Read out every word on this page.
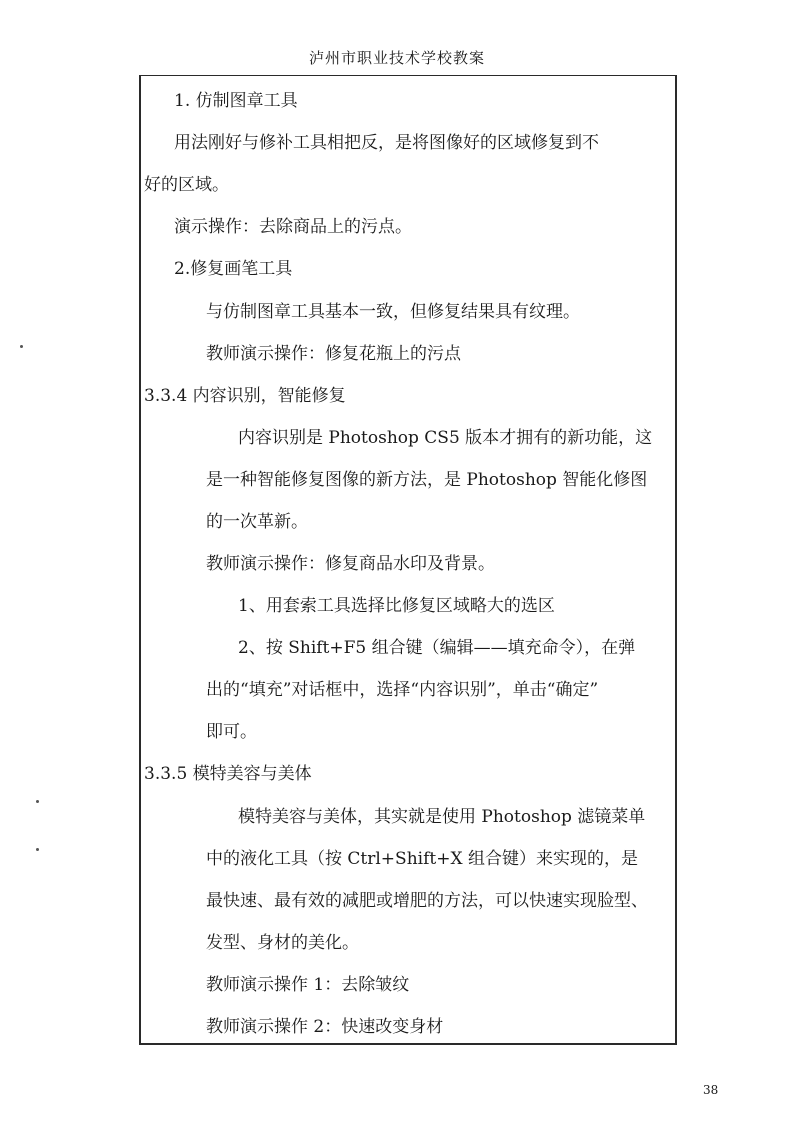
泸州市职业技术学校教案
1. 仿制图章工具
用法刚好与修补工具相把反，是将图像好的区域修复到不
好的区域。
演示操作：去除商品上的污点。
2.修复画笔工具
与仿制图章工具基本一致，但修复结果具有纹理。
教师演示操作：修复花瓶上的污点
3.3.4 内容识别，智能修复
内容识别是 Photoshop CS5 版本才拥有的新功能，这
是一种智能修复图像的新方法，是 Photoshop 智能化修图
的一次革新。
教师演示操作：修复商品水印及背景。
1、用套索工具选择比修复区域略大的选区
2、按 Shift+F5 组合键（编辑——填充命令），在弹
出的“填充”对话框中，选择“内容识别”，单击“确定”
即可。
3.3.5 模特美容与美体
模特美容与美体，其实就是使用 Photoshop 滤镜菜单
中的液化工具（按 Ctrl+Shift+X 组合键）来实现的，是
最快速、最有效的减肥或增肥的方法，可以快速实现脸型、
发型、身材的美化。
教师演示操作 1：去除皱纹
教师演示操作 2：快速改变身材
38
